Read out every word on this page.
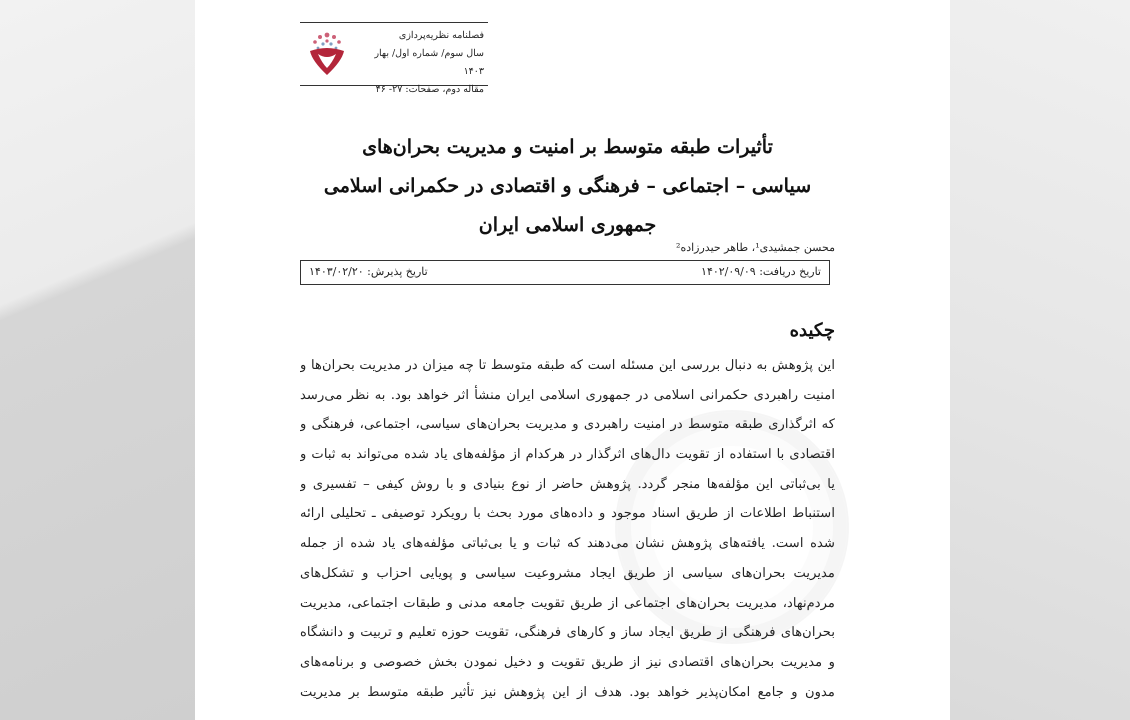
فصلنامه نظریه‌پردازی
سال سوم/ شماره اول/ بهار ۱۴۰۳
مقاله دوم، صفحات: ۲۷- ۴۶
تأثیرات طبقه متوسط بر امنیت و مدیریت بحران‌های
سیاسی – اجتماعی – فرهنگی و اقتصادی در حکمرانی اسلامی
جمهوری اسلامی ایران
محسن جمشیدی¹، طاهر حیدرزاده²
تاریخ دریافت: ۱۴۰۲/۰۹/۰۹
تاریخ پذیرش: ۱۴۰۳/۰۲/۲۰
چکیده
این پژوهش به دنبال بررسی این مسئله است که طبقه متوسط تا چه میزان در مدیریت بحران‌ها و
امنیت راهبردی حکمرانی اسلامی در جمهوری اسلامی ایران منشأ اثر خواهد بود. به نظر می‌رسد
که اثرگذاری طبقه متوسط در امنیت راهبردی و مدیریت بحران‌های سیاسی، اجتماعی، فرهنگی و
اقتصادی با استفاده از تقویت دال‌های اثرگذار در هرکدام از مؤلفه‌های یاد شده می‌تواند به ثبات و
یا بی‌ثباتی این مؤلفه‌ها منجر گردد. پژوهش حاضر از نوع بنیادی و با روش کیفی – تفسیری و
استنباط اطلاعات از طریق اسناد موجود و داده‌های مورد بحث با رویکرد توصیفی ـ تحلیلی ارائه
شده است. یافته‌های پژوهش نشان می‌دهند که ثبات و یا بی‌ثباتی مؤلفه‌های یاد شده از جمله
مدیریت بحران‌های سیاسی از طریق ایجاد مشروعیت سیاسی و پویایی احزاب و تشکل‌های
مردم‌نهاد، مدیریت بحران‌های اجتماعی از طریق تقویت جامعه مدنی و طبقات اجتماعی، مدیریت
بحران‌های فرهنگی از طریق ایجاد ساز و کارهای فرهنگی، تقویت حوزه تعلیم و تربیت و دانشگاه
و مدیریت بحران‌های اقتصادی نیز از طریق تقویت و دخیل نمودن بخش خصوصی و برنامه‌های
مدون و جامع امکان‌پذیر خواهد بود. هدف از این پژوهش نیز تأثیر طبقه متوسط بر مدیریت
